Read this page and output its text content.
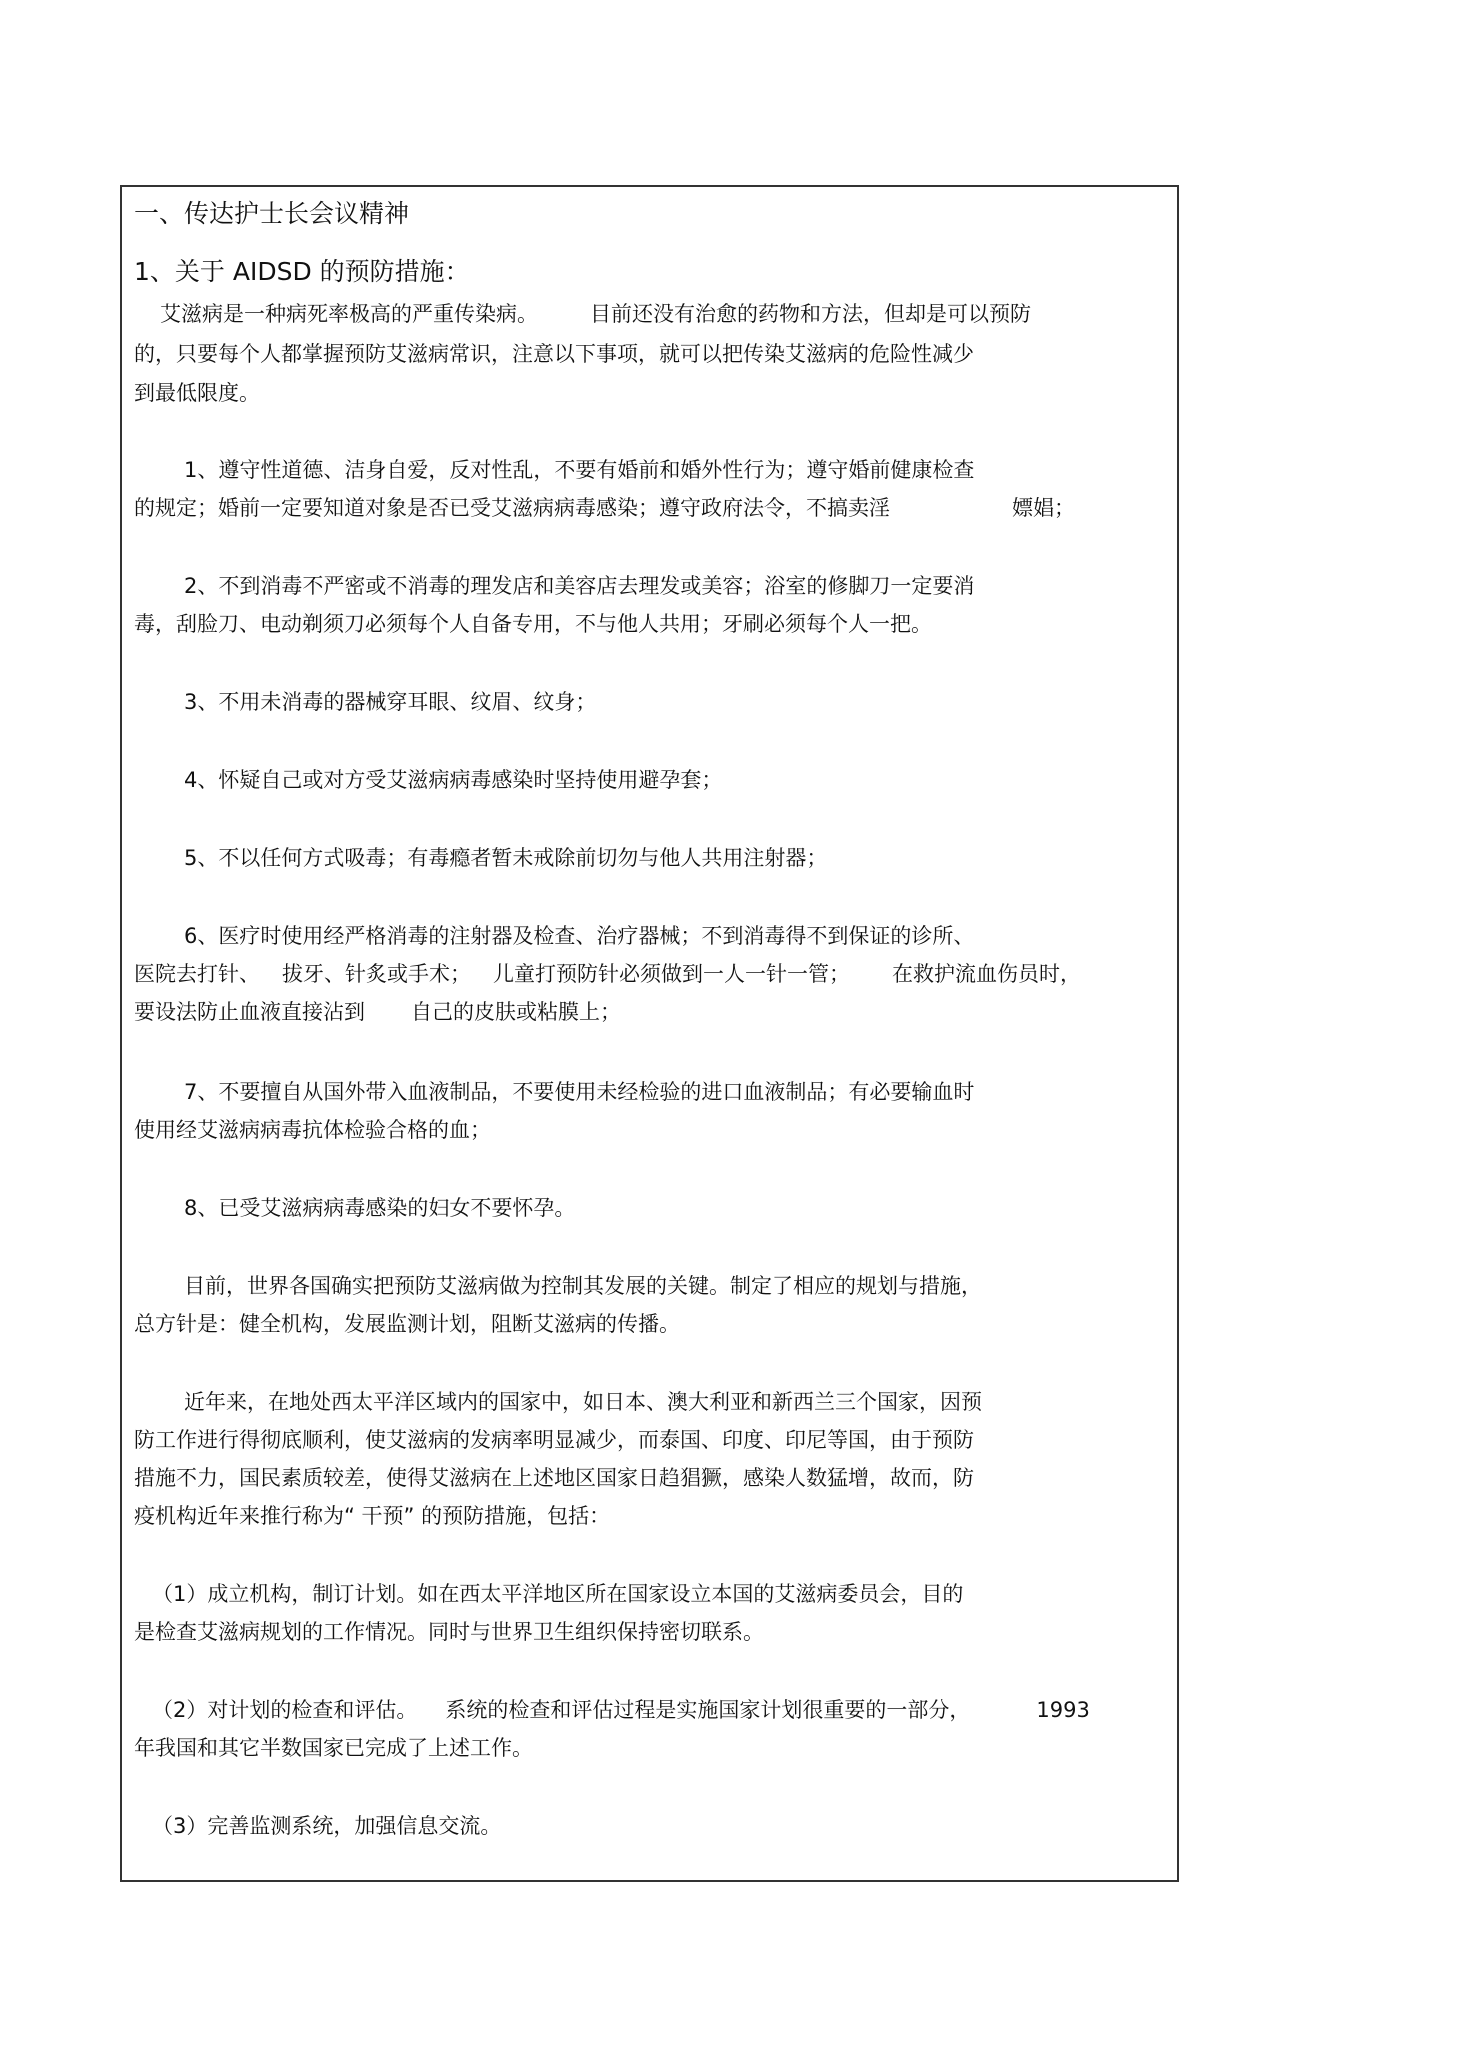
一、传达护士长会议精神
1、关于 AIDSD 的预防措施：
艾滋病是一种病死率极高的严重传染病。 目前还没有治愈的药物和方法，但却是可以预防
的，只要每个人都掌握预防艾滋病常识，注意以下事项，就可以把传染艾滋病的危险性减少
到最低限度。
1、遵守性道德、洁身自爱，反对性乱，不要有婚前和婚外性行为；遵守婚前健康检查
的规定；婚前一定要知道对象是否已受艾滋病病毒感染；遵守政府法令，不搞卖淫	嫖娼；
2、不到消毒不严密或不消毒的理发店和美容店去理发或美容；浴室的修脚刀一定要消
毒，刮脸刀、电动剃须刀必须每个人自备专用，不与他人共用；牙刷必须每个人一把。
3、不用未消毒的器械穿耳眼、纹眉、纹身；
4、怀疑自己或对方受艾滋病病毒感染时坚持使用避孕套；
5、不以任何方式吸毒；有毒瘾者暂未戒除前切勿与他人共用注射器；
6、医疗时使用经严格消毒的注射器及检查、治疗器械；不到消毒得不到保证的诊所、
医院去打针、 拔牙、针炙或手术； 儿童打预防针必须做到一人一针一管； 在救护流血伤员时，
要设法防止血液直接沾到 自己的皮肤或粘膜上；
7、不要擅自从国外带入血液制品，不要使用未经检验的进口血液制品；有必要输血时
使用经艾滋病病毒抗体检验合格的血；
8、已受艾滋病病毒感染的妇女不要怀孕。
目前，世界各国确实把预防艾滋病做为控制其发展的关键。制定了相应的规划与措施，
总方针是：健全机构，发展监测计划，阻断艾滋病的传播。
近年来，在地处西太平洋区域内的国家中，如日本、澳大利亚和新西兰三个国家，因预
防工作进行得彻底顺利，使艾滋病的发病率明显减少，而泰国、印度、印尼等国，由于预防
措施不力，国民素质较差，使得艾滋病在上述地区国家日趋猖獗，感染人数猛增，故而，防
疫机构近年来推行称为“ 干预” 的预防措施，包括：
（1）成立机构，制订计划。如在西太平洋地区所在国家设立本国的艾滋病委员会，目的
是检查艾滋病规划的工作情况。同时与世界卫生组织保持密切联系。
（2）对计划的检查和评估。 系统的检查和评估过程是实施国家计划很重要的一部分，	1993
年我国和其它半数国家已完成了上述工作。
（3）完善监测系统，加强信息交流。
